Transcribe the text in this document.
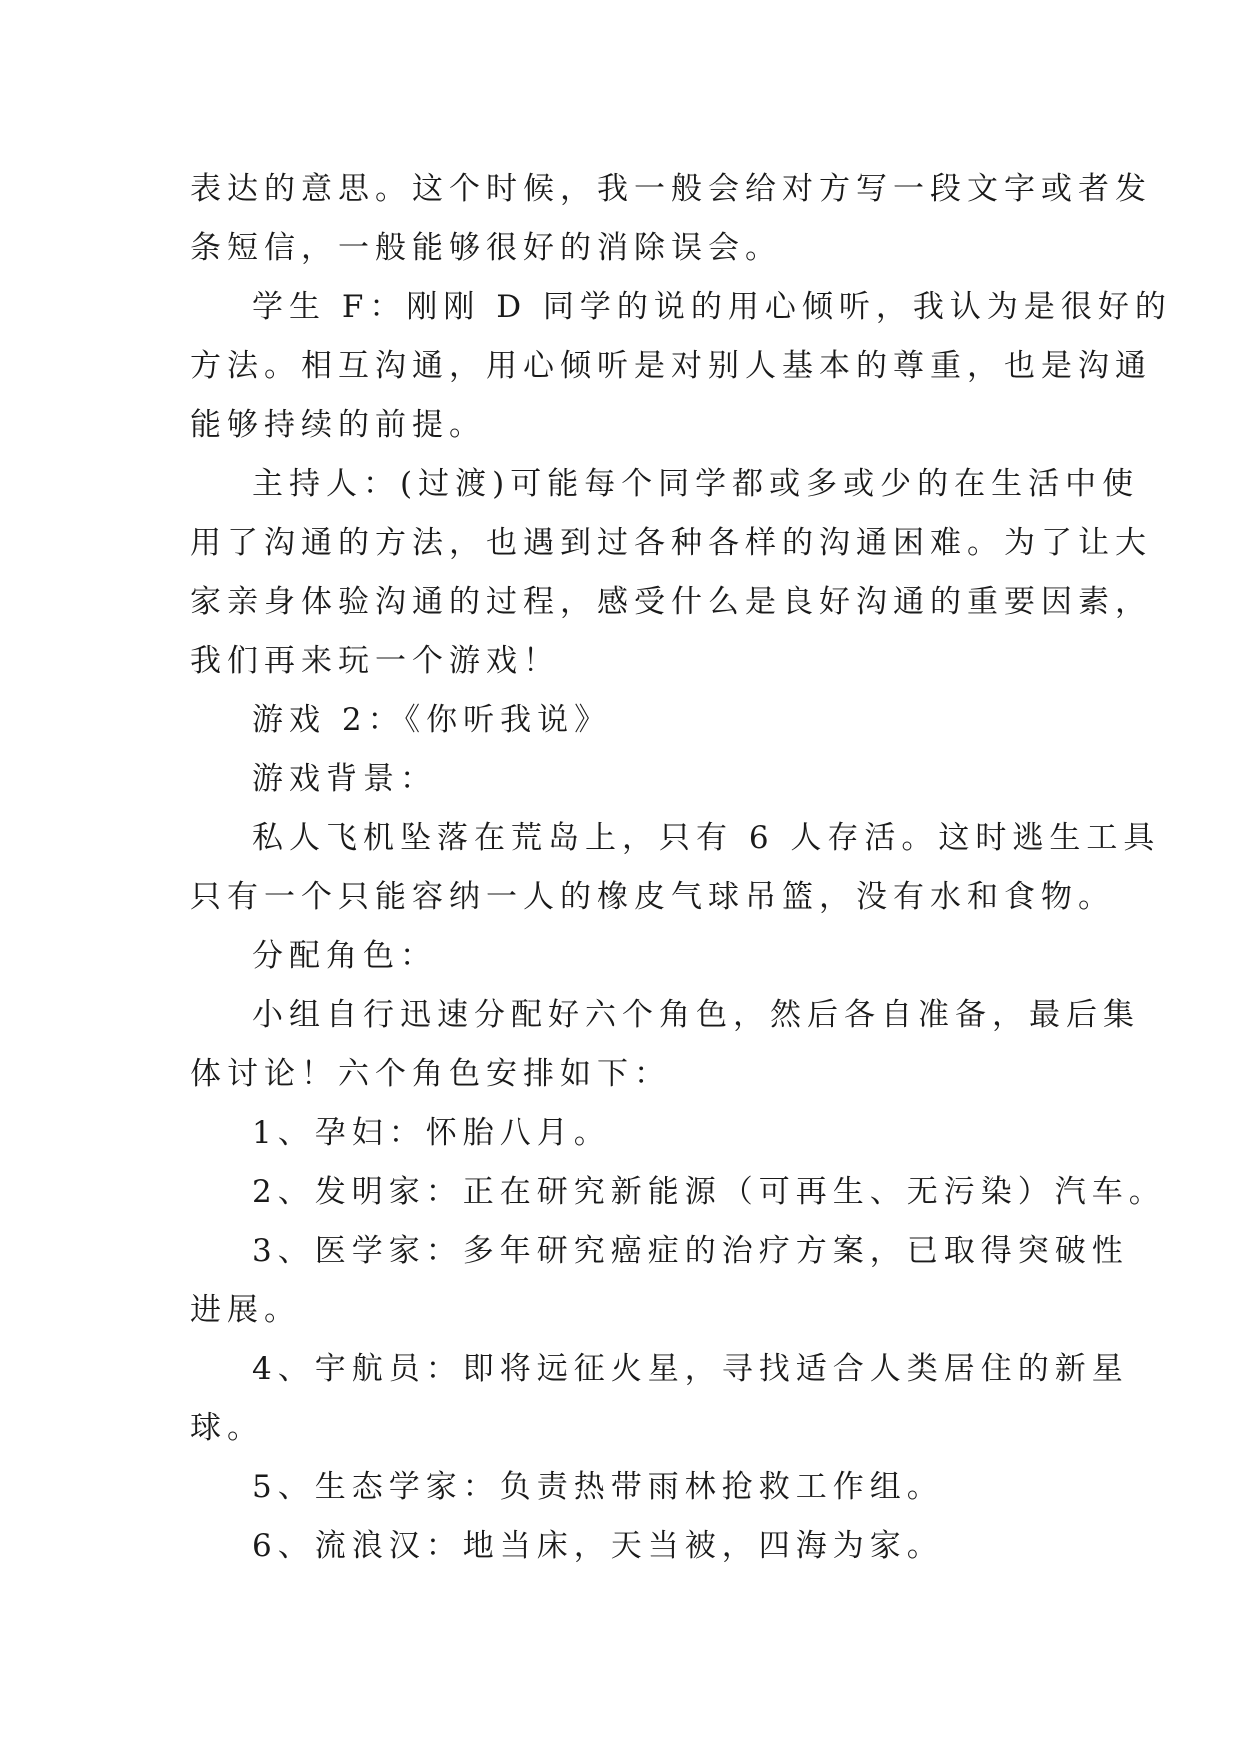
表达的意思。这个时候，我一般会给对方写一段文字或者发
条短信，一般能够很好的消除误会。

学生 F：刚刚 D 同学的说的用心倾听，我认为是很好的
方法。相互沟通，用心倾听是对别人基本的尊重，也是沟通
能够持续的前提。

主持人：(过渡)可能每个同学都或多或少的在生活中使
用了沟通的方法，也遇到过各种各样的沟通困难。为了让大
家亲身体验沟通的过程，感受什么是良好沟通的重要因素，
我们再来玩一个游戏！

游戏 2：《你听我说》

游戏背景：

私人飞机坠落在荒岛上，只有 6 人存活。这时逃生工具
只有一个只能容纳一人的橡皮气球吊篮，没有水和食物。

分配角色：

小组自行迅速分配好六个角色，然后各自准备，最后集
体讨论！六个角色安排如下：

1、孕妇：怀胎八月。

2、发明家：正在研究新能源（可再生、无污染）汽车。

3、医学家：多年研究癌症的治疗方案，已取得突破性
进展。

4、宇航员：即将远征火星，寻找适合人类居住的新星
球。

5、生态学家：负责热带雨林抢救工作组。

6、流浪汉：地当床，天当被，四海为家。
